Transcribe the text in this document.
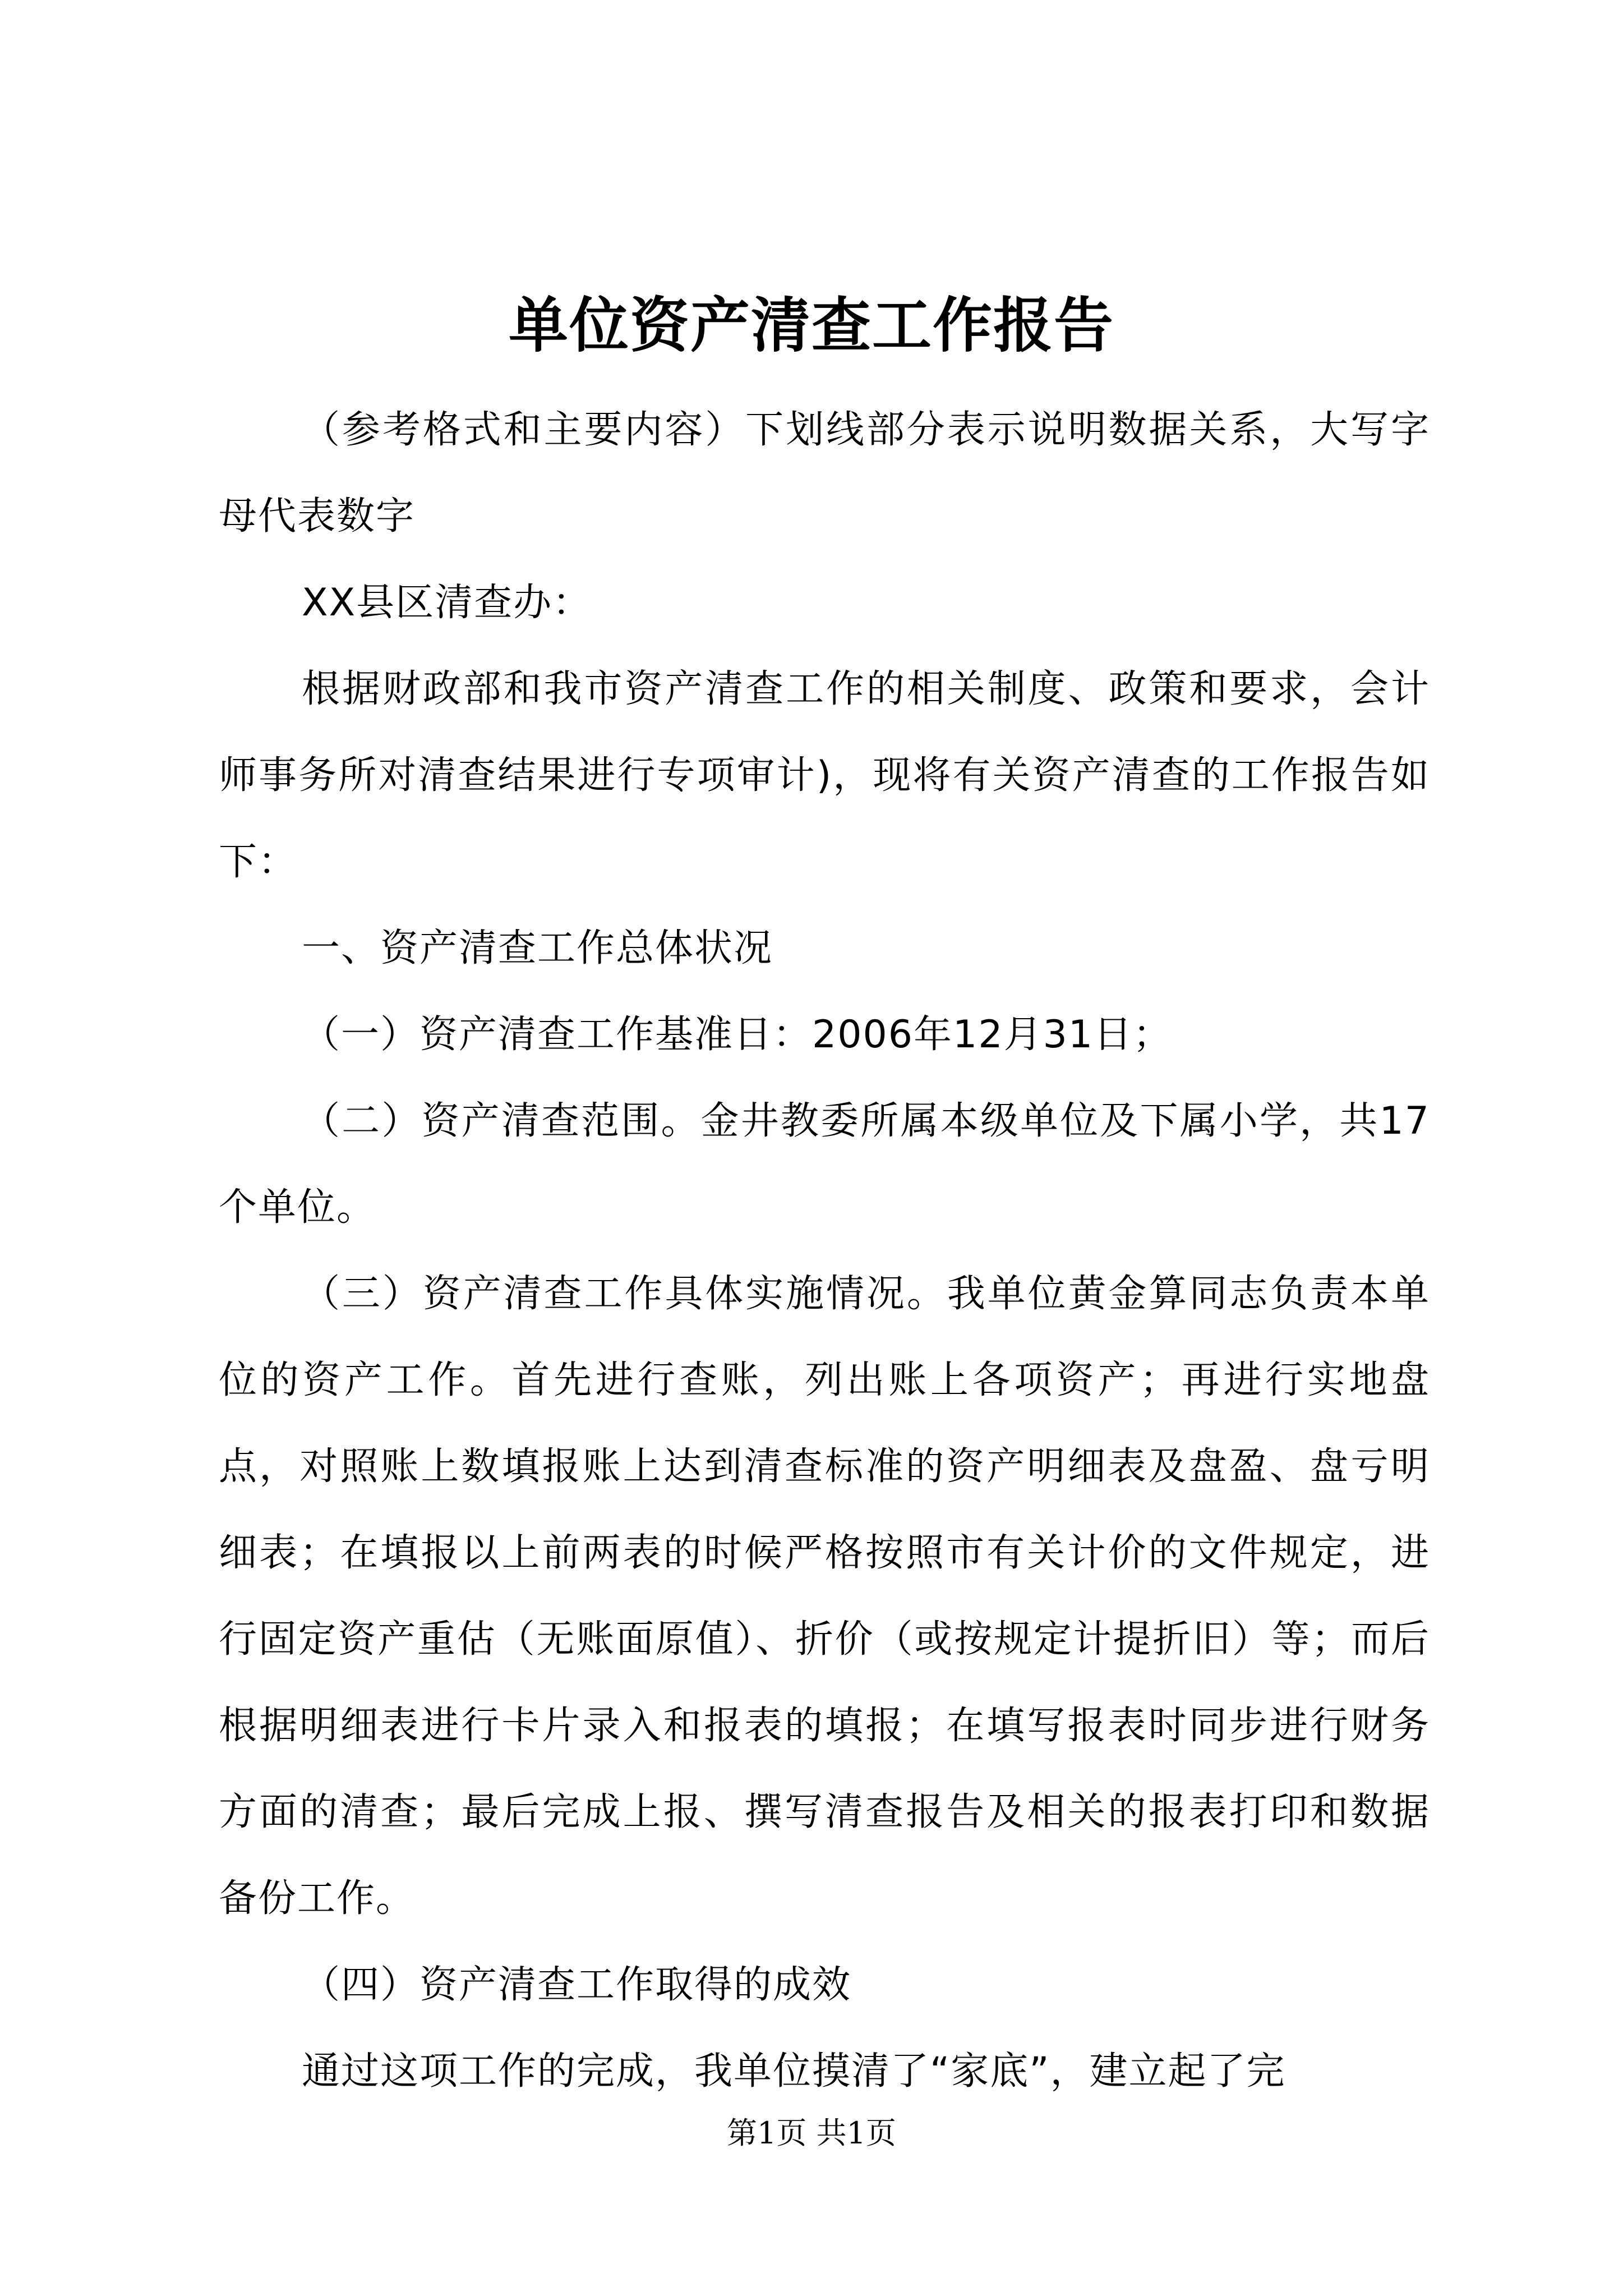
单位资产清查工作报告

（参考格式和主要内容）下划线部分表示说明数据关系，大写字母代表数字

XX县区清查办：

根据财政部和我市资产清查工作的相关制度、政策和要求，会计师事务所对清查结果进行专项审计)，现将有关资产清查的工作报告如下：

一、资产清查工作总体状况

（一）资产清查工作基准日：2006年12月31日；

（二）资产清查范围。金井教委所属本级单位及下属小学，共17个单位。

（三）资产清查工作具体实施情况。我单位黄金算同志负责本单位的资产工作。首先进行查账，列出账上各项资产；再进行实地盘点，对照账上数填报账上达到清查标准的资产明细表及盘盈、盘亏明细表；在填报以上前两表的时候严格按照市有关计价的文件规定，进行固定资产重估（无账面原值）、折价（或按规定计提折旧）等；而后根据明细表进行卡片录入和报表的填报；在填写报表时同步进行财务方面的清查；最后完成上报、撰写清查报告及相关的报表打印和数据备份工作。

（四）资产清查工作取得的成效

通过这项工作的完成，我单位摸清了“家底”，建立起了完

第1页 共1页
